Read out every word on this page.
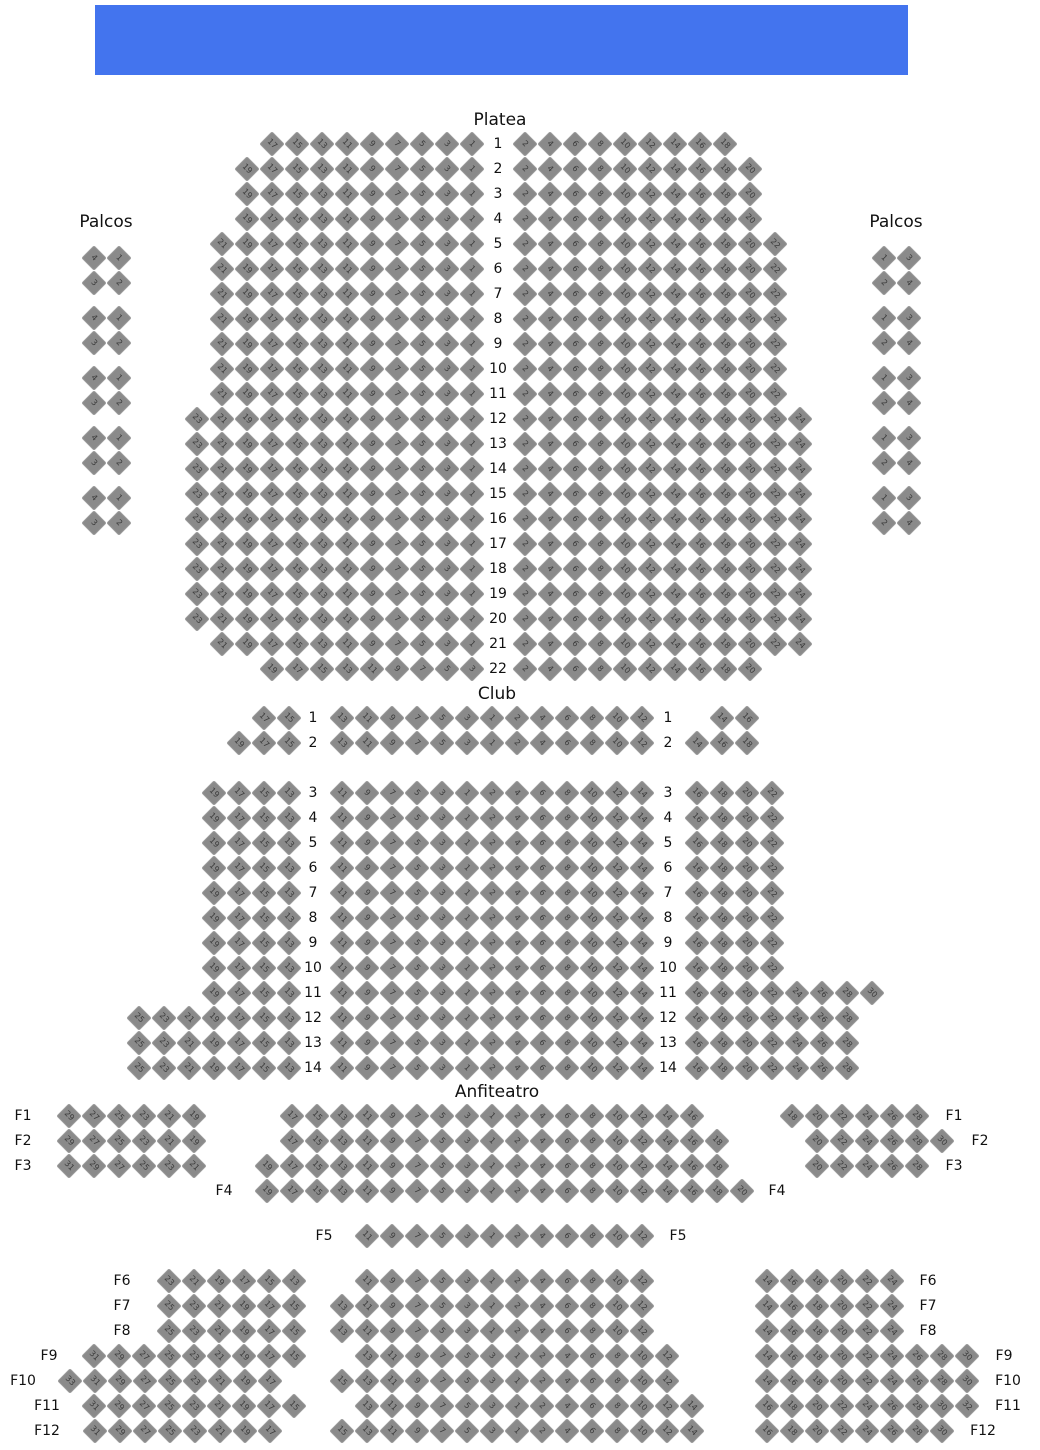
Platea
Palcos	Palcos
Club
Anfiteatro
1
17	15	13	11	9	7	5	3	1	2	4	6	8	10	12	14	16	18
2
19	17	15	13	11	9	7	5	3	1	2	4	6	8	10	12	14	16	18	20
3
19	17	15	13	11	9	7	5	3	1	2	4	6	8	10	12	14	16	18	20
4
19	17	15	13	11	9	7	5	3	1	2	4	6	8	10	12	14	16	18	20
5
21	19	17	15	13	11	9	7	5	3	1	2	4	6	8	10	12	14	16	18	20	22
6
21	19	17	15	13	11	9	7	5	3	1	2	4	6	8	10	12	14	16	18	20	22
7
21	19	17	15	13	11	9	7	5	3	1	2	4	6	8	10	12	14	16	18	20	22
8
21	19	17	15	13	11	9	7	5	3	1	2	4	6	8	10	12	14	16	18	20	22
9
21	19	17	15	13	11	9	7	5	3	1	2	4	6	8	10	12	14	16	18	20	22
10
21	19	17	15	13	11	9	7	5	3	1	2	4	6	8	10	12	14	16	18	20	22
11
21	19	17	15	13	11	9	7	5	3	1	2	4	6	8	10	12	14	16	18	20	22
12
23	21	19	17	15	13	11	9	7	5	3	1	2	4	6	8	10	12	14	16	18	20	22	24
13
23	21	19	17	15	13	11	9	7	5	3	1	2	4	6	8	10	12	14	16	18	20	22	24
14
23	21	19	17	15	13	11	9	7	5	3	1	2	4	6	8	10	12	14	16	18	20	22	24
15
23	21	19	17	15	13	11	9	7	5	3	1	2	4	6	8	10	12	14	16	18	20	22	24
16
23	21	19	17	15	13	11	9	7	5	3	1	2	4	6	8	10	12	14	16	18	20	22	24
17
23	21	19	17	15	13	11	9	7	5	3	1	2	4	6	8	10	12	14	16	18	20	22	24
18
23	21	19	17	15	13	11	9	7	5	3	1	2	4	6	8	10	12	14	16	18	20	22	24
19
23	21	19	17	15	13	11	9	7	5	3	1	2	4	6	8	10	12	14	16	18	20	22	24
20
23	21	19	17	15	13	11	9	7	5	3	1	2	4	6	8	10	12	14	16	18	20	22	24
21
21	19	17	15	13	11	9	7	5	3	1	2	4	6	8	10	12	14	16	18	20	22	24
22
19	17	15	13	11	9	7	5	3	2	4	6	8	10	12	14	16	18	20
4	1
3	2
4	1
3	2
4	1
3	2
4	1
3	2
4	1
3	2
1	3
2	4
1	3
2	4
1	3
2	4
1	3
2	4
1	3
2	4
1	1
17	15	13	11	9	7	5	3	1	2	4	6	8	10	12	14	16
2	2
19	17	15	13	11	9	7	5	3	1	2	4	6	8	10	12	14	16	18
3	3
19	17	15	13	11	9	7	5	3	1	2	4	6	8	10	12	14	16	18	20	22
4	4
19	17	15	13	11	9	7	5	3	1	2	4	6	8	10	12	14	16	18	20	22
5	5
19	17	15	13	11	9	7	5	3	1	2	4	6	8	10	12	14	16	18	20	22
6	6
19	17	15	13	11	9	7	5	3	1	2	4	6	8	10	12	14	16	18	20	22
7	7
19	17	15	13	11	9	7	5	3	1	2	4	6	8	10	12	14	16	18	20	22
8	8
19	17	15	13	11	9	7	5	3	1	2	4	6	8	10	12	14	16	18	20	22
9	9
19	17	15	13	11	9	7	5	3	1	2	4	6	8	10	12	14	16	18	20	22
10	10
19	17	15	13	11	9	7	5	3	1	2	4	6	8	10	12	14	16	18	20	22
11	11
19	17	15	13	11	9	7	5	3	1	2	4	6	8	10	12	14	16	18	20	22	24	26	28	30
12	12
25	23	21	19	17	15	13	11	9	7	5	3	1	2	4	6	8	10	12	14	16	18	20	22	24	26	28
13	13
25	23	21	19	17	15	13	11	9	7	5	3	1	2	4	6	8	10	12	14	16	18	20	22	24	26	28
14	14
25	23	21	19	17	15	13	11	9	7	5	3	1	2	4	6	8	10	12	14	16	18	20	22	24	26	28
F1	F1
29	27	25	23	21	19	17	15	13	11	9	7	5	3	1	2	4	6	8	10	12	14	16	18	20	22	24	26	28
F2	F2
29	27	25	23	21	19	17	15	13	11	9	7	5	3	1	2	4	6	8	10	12	14	16	18	20	22	24	26	28	30
F3	F3
31	29	27	25	23	21	19	17	15	13	11	9	7	5	3	1	2	4	6	8	10	12	14	16	18	20	22	24	26	28
F4	F4
19	17	15	13	11	9	7	5	3	1	2	4	6	8	10	12	14	16	18	20
F5	F5
11	9	7	5	3	1	2	4	6	8	10	12
F6	F6
23	21	19	17	15	13	11	9	7	5	3	1	2	4	6	8	10	12	14	16	18	20	22	24
F7	F7
25	23	21	19	17	15	13	11	9	7	5	3	1	2	4	6	8	10	12	14	16	18	20	22	24
F8	F8
25	23	21	19	17	15	13	11	9	7	5	3	1	2	4	6	8	10	12	14	16	18	20	22	24
F9	F9
31	29	27	25	23	21	19	17	15	13	11	9	7	5	3	1	2	4	6	8	10	12	14	16	18	20	22	24	26	28	30
F10	F10
33	31	29	27	25	23	21	19	17	15	13	11	9	7	5	3	1	2	4	6	8	10	12	14	16	18	20	22	24	26	28	30
F11	F11
31	29	27	25	23	21	19	17	15	13	11	9	7	5	3	1	2	4	6	8	10	12	14	16	18	20	22	24	26	28	30	32
F12	F12
31	29	27	25	23	21	19	17	15	13	11	9	7	5	3	1	2	4	6	8	10	12	14	16	18	20	22	24	26	28	30
